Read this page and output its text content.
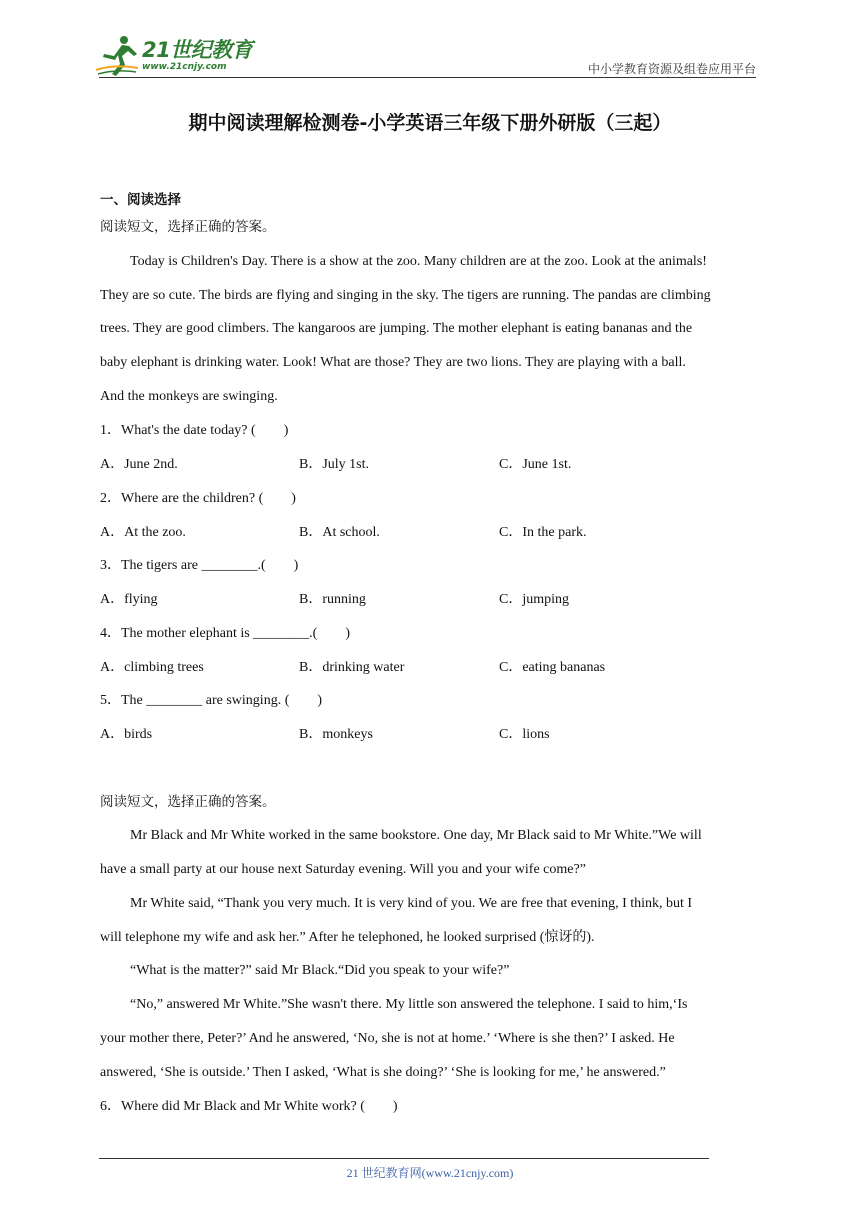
21世纪教育
www.21cnjy.com	中小学教育资源及组卷应用平台
期中阅读理解检测卷-小学英语三年级下册外研版（三起）
一、阅读选择
阅读短文，选择正确的答案。
Today is Children's Day. There is a show at the zoo. Many children are at the zoo. Look at the animals!
They are so cute. The birds are flying and singing in the sky. The tigers are running. The pandas are climbing
trees. They are good climbers. The kangaroos are jumping. The mother elephant is eating bananas and the
baby elephant is drinking water. Look! What are those? They are two lions. They are playing with a ball.
And the monkeys are swinging.
1．What's the date today? (　　)
A．June 2nd.	B．July 1st.	C．June 1st.
2．Where are the children? (　　)
A．At the zoo.	B．At school.	C．In the park.
3．The tigers are ________.(　　)
A．flying	B．running	C．jumping
4．The mother elephant is ________.(　　)
A．climbing trees	B．drinking water	C．eating bananas
5．The ________ are swinging. (　　)
A．birds	B．monkeys	C．lions
阅读短文，选择正确的答案。
Mr Black and Mr White worked in the same bookstore. One day, Mr Black said to Mr White.”We will
have a small party at our house next Saturday evening. Will you and your wife come?”
Mr White said, “Thank you very much. It is very kind of you. We are free that evening, I think, but I
will telephone my wife and ask her.” After he telephoned, he looked surprised (惊讶的).
“What is the matter?” said Mr Black.“Did you speak to your wife?”
“No,” answered Mr White.”She wasn't there. My little son answered the telephone. I said to him,‘Is
your mother there, Peter?’ And he answered, ‘No, she is not at home.’ ‘Where is she then?’ I asked. He
answered, ‘She is outside.’ Then I asked, ‘What is she doing?’ ‘She is looking for me,’ he answered.”
6．Where did Mr Black and Mr White work? (　　)
21 世纪教育网(www.21cnjy.com)
